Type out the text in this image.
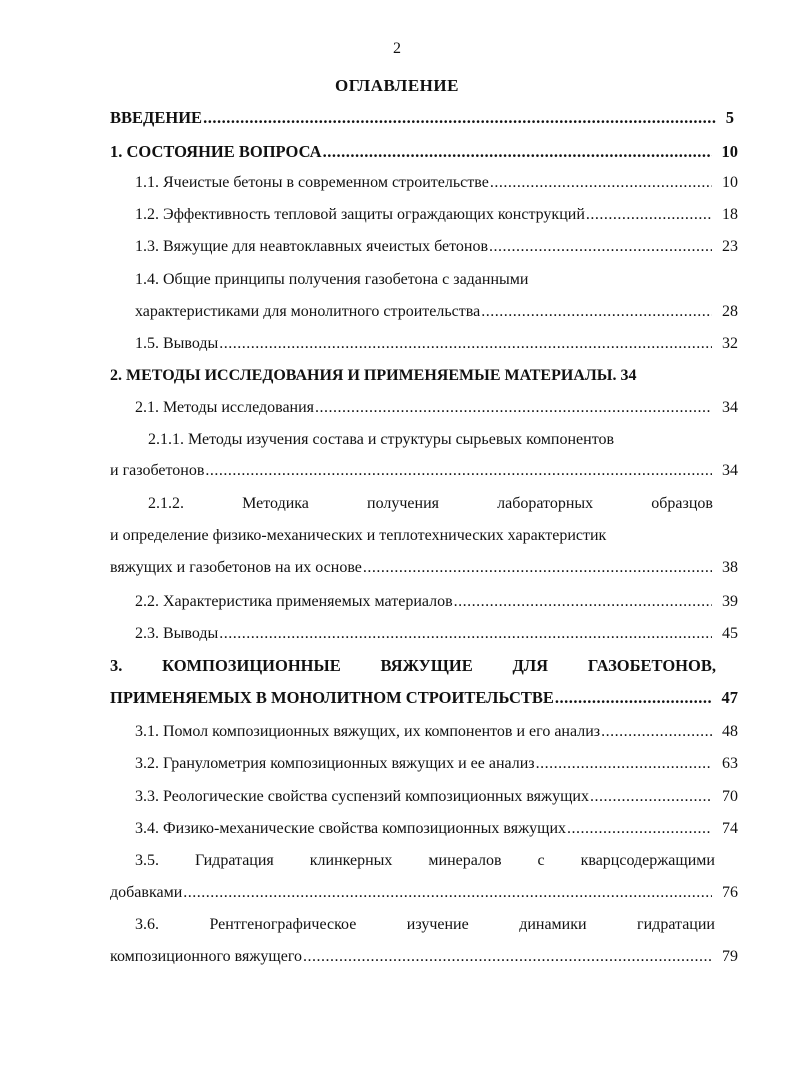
2
ОГЛАВЛЕНИЕ
ВВЕДЕНИЕ .....	5
1. СОСТОЯНИЕ ВОПРОСА .....	10
1.1. Ячеистые бетоны в современном строительстве .....	10
1.2. Эффективность тепловой защиты ограждающих конструкций .....	18
1.3. Вяжущие для неавтоклавных ячеистых бетонов .....	23
1.4. Общие принципы получения газобетона с заданными
характеристиками для монолитного строительства .....	28
1.5. Выводы .....	32
2. МЕТОДЫ ИССЛЕДОВАНИЯ И ПРИМЕНЯЕМЫЕ МАТЕРИАЛЫ. 34
2.1. Методы исследования .....	34
2.1.1. Методы изучения состава и структуры сырьевых компонентов
и газобетонов .....	34
2.1.2.	Методика	получения	лабораторных	образцов
и определение физико-механических и теплотехнических характеристик
вяжущих и газобетонов на их основе .....	38
2.2. Характеристика применяемых материалов .....	39
2.3. Выводы .....	45
3. КОМПОЗИЦИОННЫЕ ВЯЖУЩИЕ ДЛЯ ГАЗОБЕТОНОВ,
ПРИМЕНЯЕМЫХ В МОНОЛИТНОМ СТРОИТЕЛЬСТВЕ .....	47
3.1. Помол композиционных вяжущих, их компонентов и его анализ .....	48
3.2. Гранулометрия композиционных вяжущих и ее анализ .....	63
3.3. Реологические свойства суспензий композиционных вяжущих .....	70
3.4. Физико-механические свойства композиционных вяжущих .....	74
3.5. Гидратация клинкерных минералов с кварцсодержащими
добавками .....	76
3.6.	Рентгенографическое	изучение	динамики	гидратации
композиционного вяжущего .....	79
